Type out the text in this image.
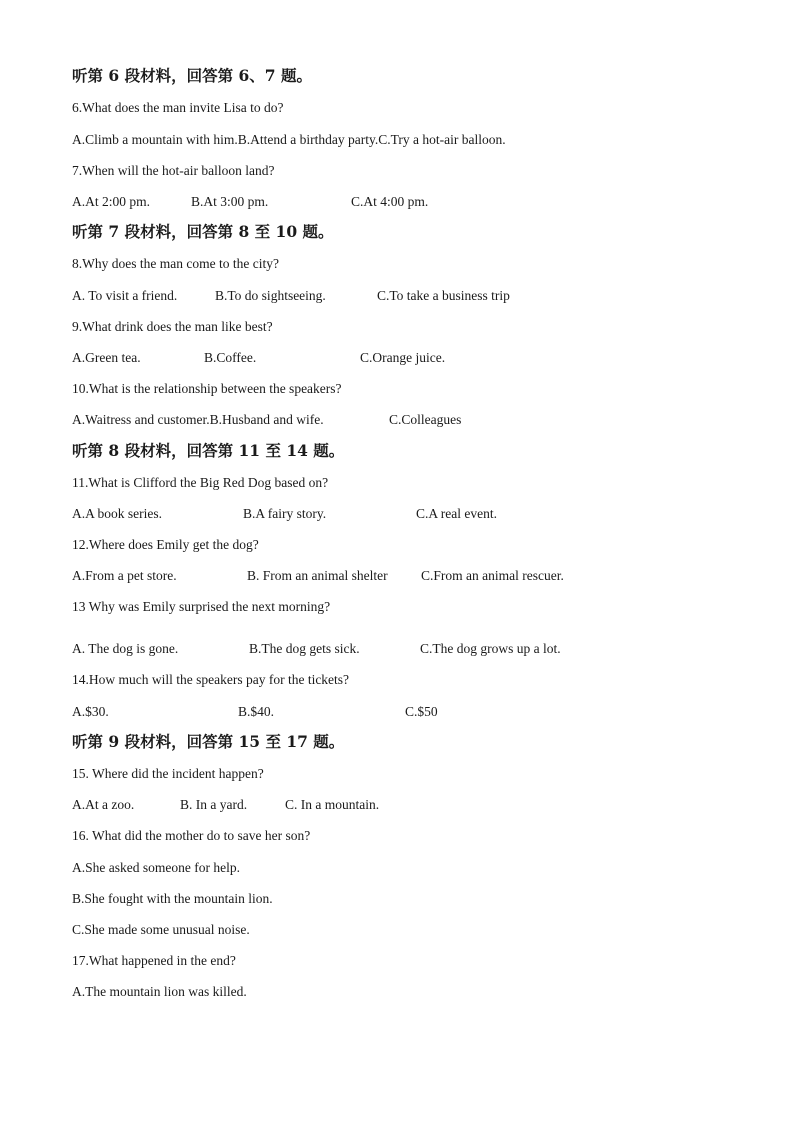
听第 6 段材料，回答第 6、7 题。
6.What does the man invite Lisa to do?
A.Climb a mountain with him.B.Attend a birthday party.C.Try a hot-air balloon.
7.When will the hot-air balloon land?
A.At 2:00 pm.	B.At 3:00 pm.	C.At 4:00 pm.
听第 7 段材料，回答第 8 至 10 题。
8.Why does the man come to the city?
A. To visit a friend.	B.To do sightseeing.	C.To take a business trip
9.What drink does the man like best?
A.Green tea.	B.Coffee.	C.Orange juice.
10.What is the relationship between the speakers?
A.Waitress and customer.B.Husband and wife.	C.Colleagues
听第 8 段材料，回答第 11 至 14 题。
11.What is Clifford the Big Red Dog based on?
A.A book series.	B.A fairy story.	C.A real event.
12.Where does Emily get the dog?
A.From a pet store.	B. From an animal shelter C.From an animal rescuer.
13 Why was Emily surprised the next morning?
A. The dog is gone.	B.The dog gets sick.	C.The dog grows up a lot.
14.How much will the speakers pay for the tickets?
A.$30.	B.$40.	C.$50
听第 9 段材料，回答第 15 至 17 题。
15. Where did the incident happen?
A.At a zoo.	B. In a yard.	C. In a mountain.
16. What did the mother do to save her son?
A.She asked someone for help.
B.She fought with the mountain lion.
C.She made some unusual noise.
17.What happened in the end?
A.The mountain lion was killed.
